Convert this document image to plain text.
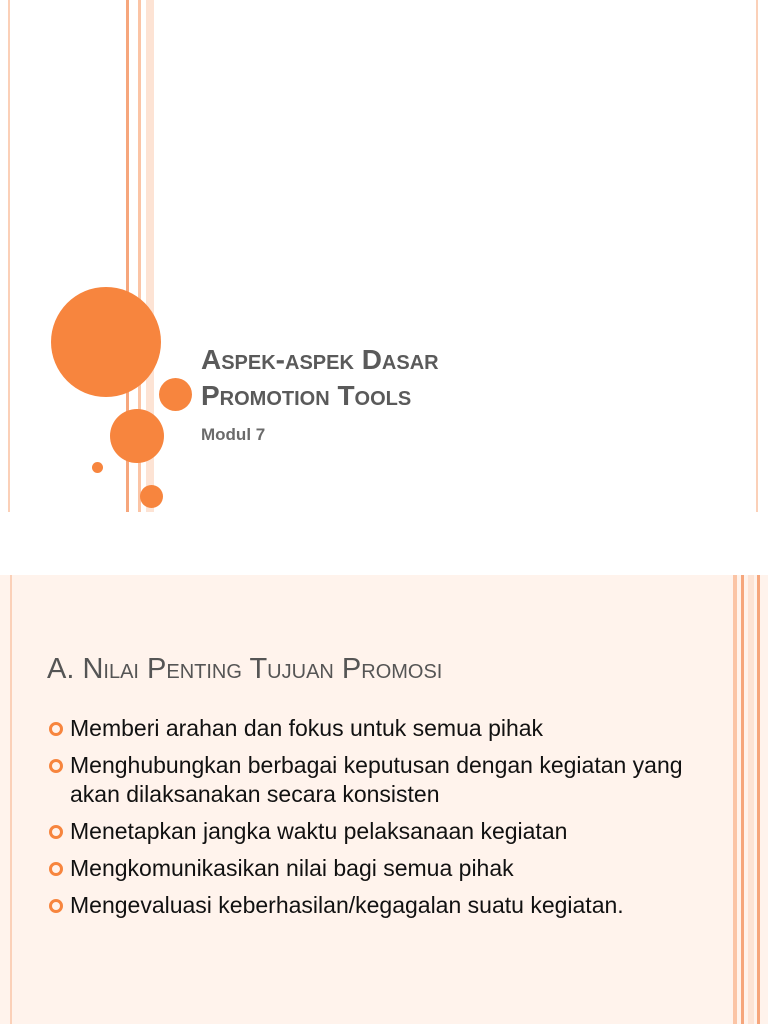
Aspek-aspek Dasar
Promotion Tools

Modul 7

A. Nilai Penting Tujuan Promosi
Memberi arahan dan fokus untuk semua pihak
Menghubungkan berbagai keputusan dengan kegiatan yang akan dilaksanakan secara konsisten
Menetapkan jangka waktu pelaksanaan kegiatan
Mengkomunikasikan nilai bagi semua pihak
Mengevaluasi keberhasilan/kegagalan suatu kegiatan.
